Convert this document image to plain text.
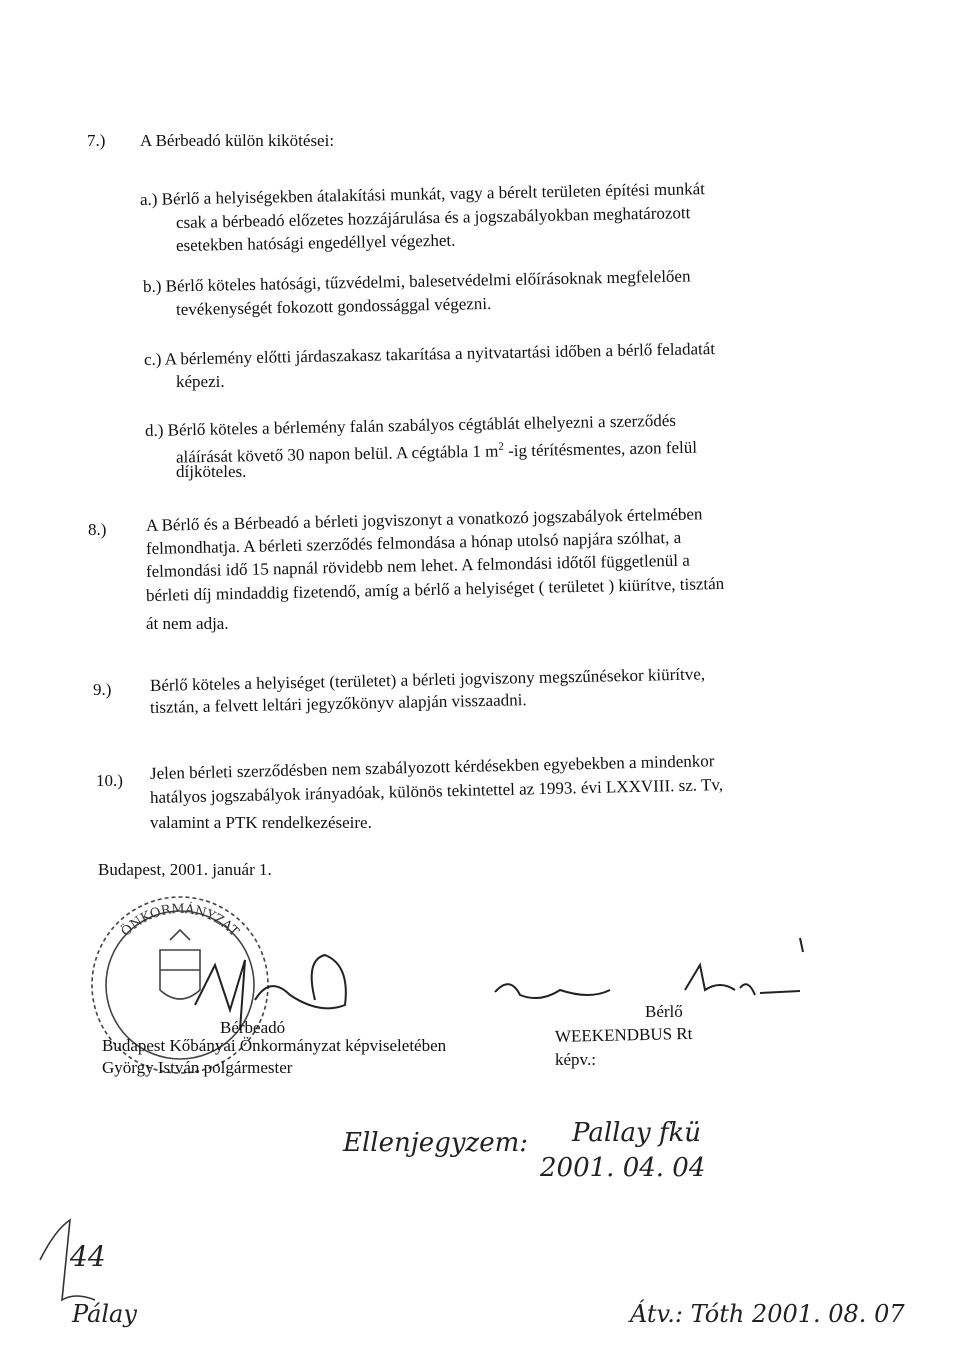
7.) A Bérbeadó külön kikötései:
a.) Bérlő a helyiségekben átalakítási munkát, vagy a bérelt területen építési munkát
csak a bérbeadó előzetes hozzájárulása és a jogszabályokban meghatározott
esetekben hatósági engedéllyel végezhet.
b.) Bérlő köteles hatósági, tűzvédelmi, balesetvédelmi előírásoknak megfelelően
tevékenységét fokozott gondossággal végezni.
c.) A bérlemény előtti járdaszakasz takarítása a nyitvatartási időben a bérlő feladatát
képezi.
d.) Bérlő köteles a bérlemény falán szabályos cégtáblát elhelyezni a szerződés
aláírását követő 30 napon belül. A cégtábla 1 $m^2$ -ig térítésmentes, azon felül
díjköteles.
8.) A Bérlő és a Bérbeadó a bérleti jogviszonyt a vonatkozó jogszabályok értelmében
felmondhatja. A bérleti szerződés felmondása a hónap utolsó napjára szólhat, a
felmondási idő 15 napnál rövidebb nem lehet. A felmondási időtől függetlenül a
bérleti díj mindaddig fizetendő, amíg a bérlő a helyiséget ( területet ) kiürítve, tisztán
át nem adja.
9.) Bérlő köteles a helyiséget (területet) a bérleti jogviszony megszűnésekor kiürítve,
tisztán, a felvett leltári jegyzőkönyv alapján visszaadni.
10.) Jelen bérleti szerződésben nem szabályozott kérdésekben egyebekben a mindenkor
hatályos jogszabályok irányadóak, különös tekintettel az 1993. évi LXXVIII. sz. Tv,
valamint a PTK rendelkezéseire.
Budapest, 2001. január 1.
ÖNKORMÁNYZAT
Bérbeadó
Budapest Kőbányai Önkormányzat képviseletében
György István polgármester
Bérlő
WEEKENDBUS Rt
képv.:
Ellenjegyzem: Pallay fkü
2001. 04. 04
44
Pálay	Átv.: Tóth 2001. 08. 07
